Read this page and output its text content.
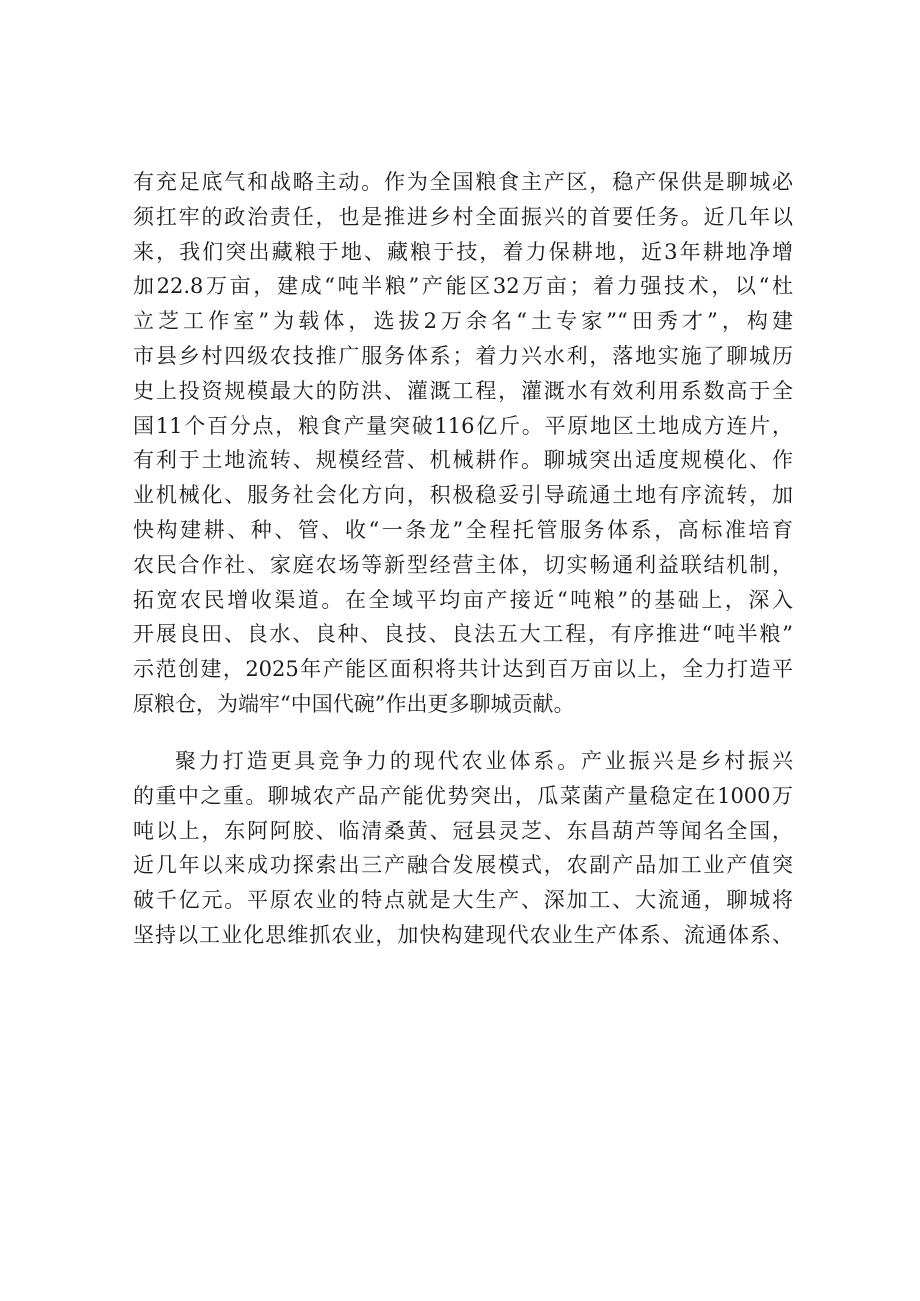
有充足底气和战略主动。作为全国粮食主产区，稳产保供是聊城必
须扛牢的政治责任，也是推进乡村全面振兴的首要任务。近几年以
来，我们突出藏粮于地、藏粮于技，着力保耕地，近3年耕地净增
加22.8万亩，建成“吨半粮”产能区32万亩；着力强技术，以“杜
立芝工作室”为载体，选拔2万余名“土专家”“田秀才”，构建
市县乡村四级农技推广服务体系；着力兴水利，落地实施了聊城历
史上投资规模最大的防洪、灌溉工程，灌溉水有效利用系数高于全
国11个百分点，粮食产量突破116亿斤。平原地区土地成方连片，
有利于土地流转、规模经营、机械耕作。聊城突出适度规模化、作
业机械化、服务社会化方向，积极稳妥引导疏通土地有序流转，加
快构建耕、种、管、收“一条龙”全程托管服务体系，高标准培育
农民合作社、家庭农场等新型经营主体，切实畅通利益联结机制，
拓宽农民增收渠道。在全域平均亩产接近“吨粮”的基础上，深入
开展良田、良水、良种、良技、良法五大工程，有序推进“吨半粮”
示范创建，2025年产能区面积将共计达到百万亩以上，全力打造平
原粮仓，为端牢“中国代碗”作出更多聊城贡献。
聚力打造更具竞争力的现代农业体系。产业振兴是乡村振兴
的重中之重。聊城农产品产能优势突出，瓜菜菌产量稳定在1000万
吨以上，东阿阿胶、临清桑黄、冠县灵芝、东昌葫芦等闻名全国，
近几年以来成功探索出三产融合发展模式，农副产品加工业产值突
破千亿元。平原农业的特点就是大生产、深加工、大流通，聊城将
坚持以工业化思维抓农业，加快构建现代农业生产体系、流通体系、
